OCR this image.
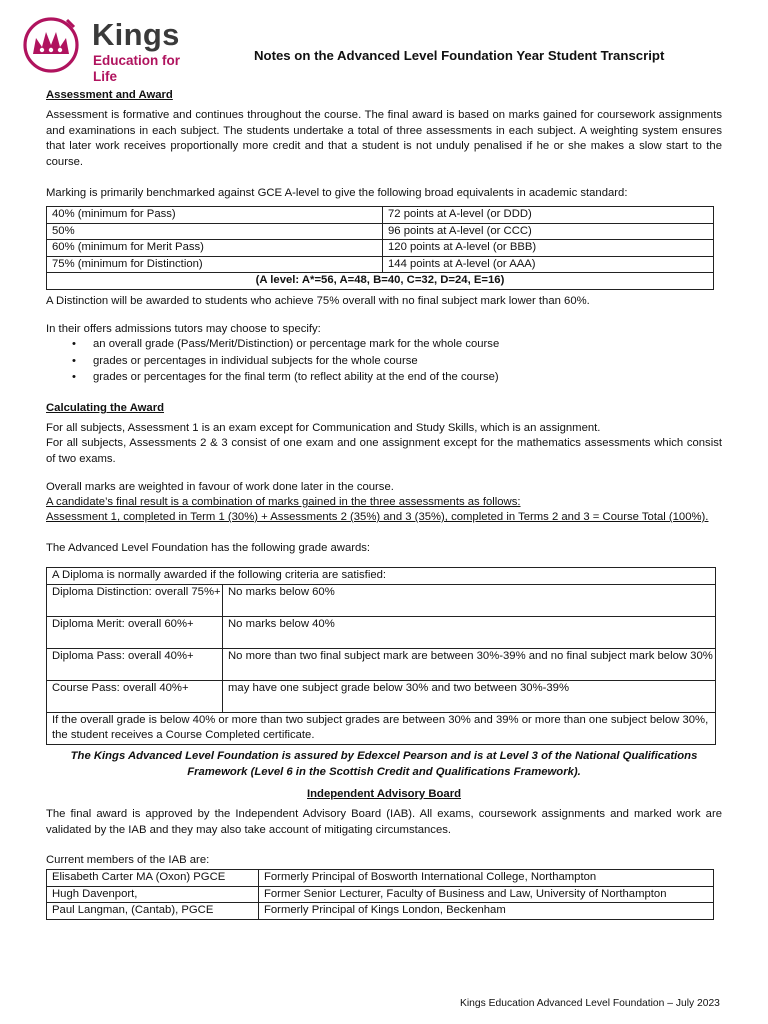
Kings
Education for Life
Notes on the Advanced Level Foundation Year Student Transcript
Assessment and Award
Assessment is formative and continues throughout the course. The final award is based on marks gained for coursework assignments and examinations in each subject. The students undertake a total of three assessments in each subject. A weighting system ensures that later work receives proportionally more credit and that a student is not unduly penalised if he or she makes a slow start to the course.
Marking is primarily benchmarked against GCE A-level to give the following broad equivalents in academic standard:
40% (minimum for Pass)	72 points at A-level (or DDD)
50%	96 points at A-level (or CCC)
60% (minimum for Merit Pass)	120 points at A-level (or BBB)
75% (minimum for Distinction)	144 points at A-level (or AAA)
(A level: A*=56, A=48, B=40, C=32, D=24, E=16)	
A Distinction will be awarded to students who achieve 75% overall with no final subject mark lower than 60%.
In their offers admissions tutors may choose to specify:
• an overall grade (Pass/Merit/Distinction) or percentage mark for the whole course
• grades or percentages in individual subjects for the whole course
• grades or percentages for the final term (to reflect ability at the end of the course)
Calculating the Award
For all subjects, Assessment 1 is an exam except for Communication and Study Skills, which is an assignment.
For all subjects, Assessments 2 & 3 consist of one exam and one assignment except for the mathematics assessments which consist of two exams.
Overall marks are weighted in favour of work done later in the course.
A candidate’s final result is a combination of marks gained in the three assessments as follows:
Assessment 1, completed in Term 1 (30%) + Assessments 2 (35%) and 3 (35%), completed in Terms 2 and 3 = Course Total (100%).
The Advanced Level Foundation has the following grade awards:
A Diploma is normally awarded if the following criteria are satisfied:	
Diploma Distinction: overall 75%+	No marks below 60%
Diploma Merit: overall 60%+	No marks below 40%
Diploma Pass: overall 40%+	No more than two final subject mark are between 30%-39% and no final subject mark below 30%
Course Pass: overall 40%+	may have one subject grade below 30% and two between 30%-39%
If the overall grade is below 40% or more than two subject grades are between 30% and 39% or more than one subject below 30%, the student receives a Course Completed certificate.	
The Kings Advanced Level Foundation is assured by Edexcel Pearson and is at Level 3 of the National Qualifications Framework (Level 6 in the Scottish Credit and Qualifications Framework).
Independent Advisory Board
The final award is approved by the Independent Advisory Board (IAB). All exams, coursework assignments and marked work are validated by the IAB and they may also take account of mitigating circumstances.
Current members of the IAB are:
Elisabeth Carter MA (Oxon) PGCE	Formerly Principal of Bosworth International College, Northampton
Hugh Davenport,	Former Senior Lecturer, Faculty of Business and Law, University of Northampton
Paul Langman, (Cantab), PGCE	Formerly Principal of Kings London, Beckenham
Kings Education Advanced Level Foundation – July 2023
